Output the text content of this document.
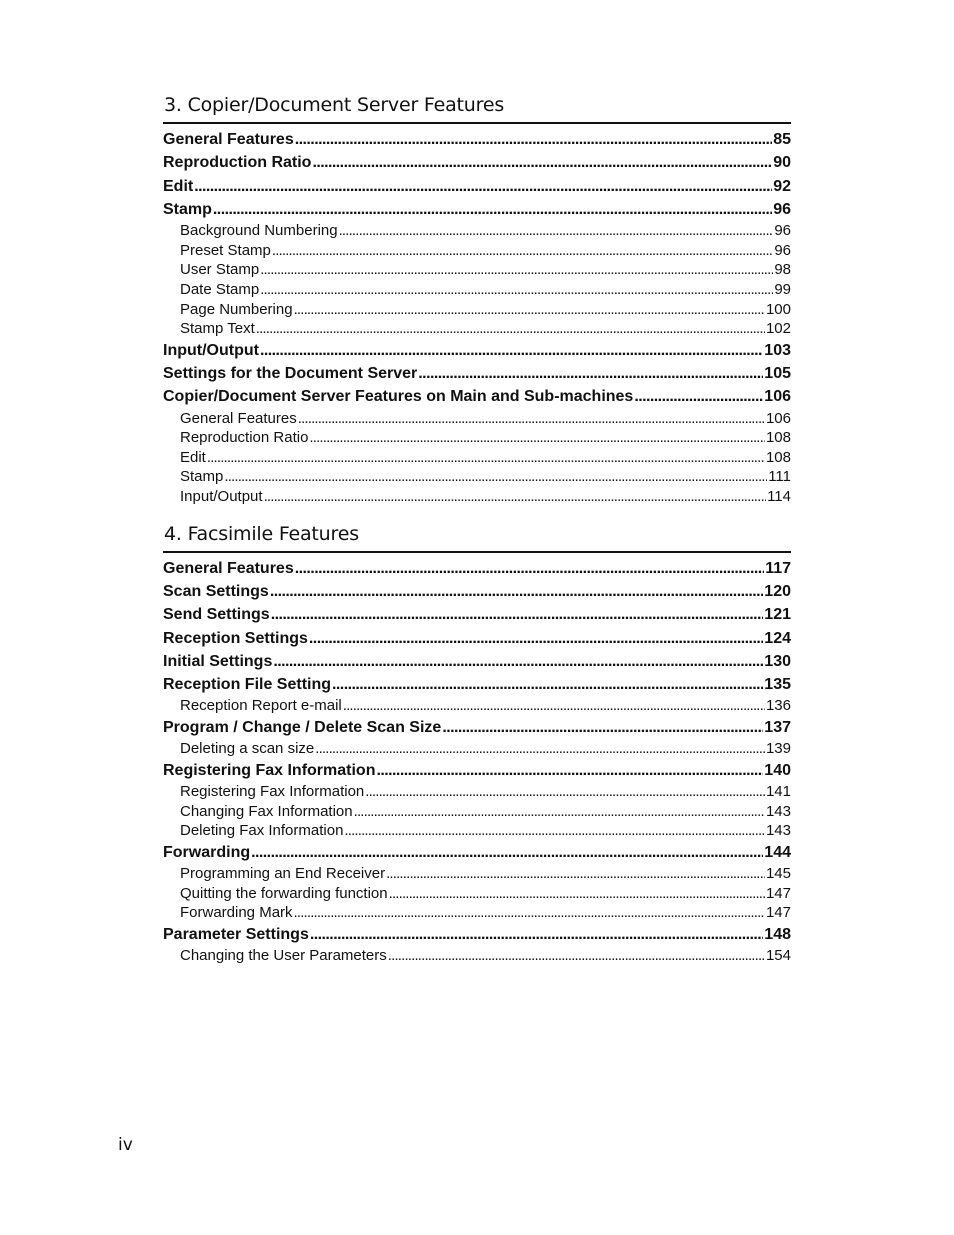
3. Copier/Document Server Features
General Features . . .	85
Reproduction Ratio . . .	90
Edit . . .	92
Stamp . . .	96
Background Numbering . . .	96
Preset Stamp . . .	96
User Stamp . . .	98
Date Stamp . . .	99
Page Numbering . . .	100
Stamp Text . . .	102
Input/Output . . .	103
Settings for the Document Server . . .	105
Copier/Document Server Features on Main and Sub-machines . . .	106
General Features . . .	106
Reproduction Ratio . . .	108
Edit . . .	108
Stamp . . .	111
Input/Output . . .	114
4. Facsimile Features
General Features . . .	117
Scan Settings . . .	120
Send Settings . . .	121
Reception Settings . . .	124
Initial Settings . . .	130
Reception File Setting . . .	135
Reception Report e-mail . . .	136
Program / Change / Delete Scan Size . . .	137
Deleting a scan size . . .	139
Registering Fax Information . . .	140
Registering Fax Information . . .	141
Changing Fax Information . . .	143
Deleting Fax Information . . .	143
Forwarding . . .	144
Programming an End Receiver . . .	145
Quitting the forwarding function . . .	147
Forwarding Mark . . .	147
Parameter Settings . . .	148
Changing the User Parameters . . .	154
iv
